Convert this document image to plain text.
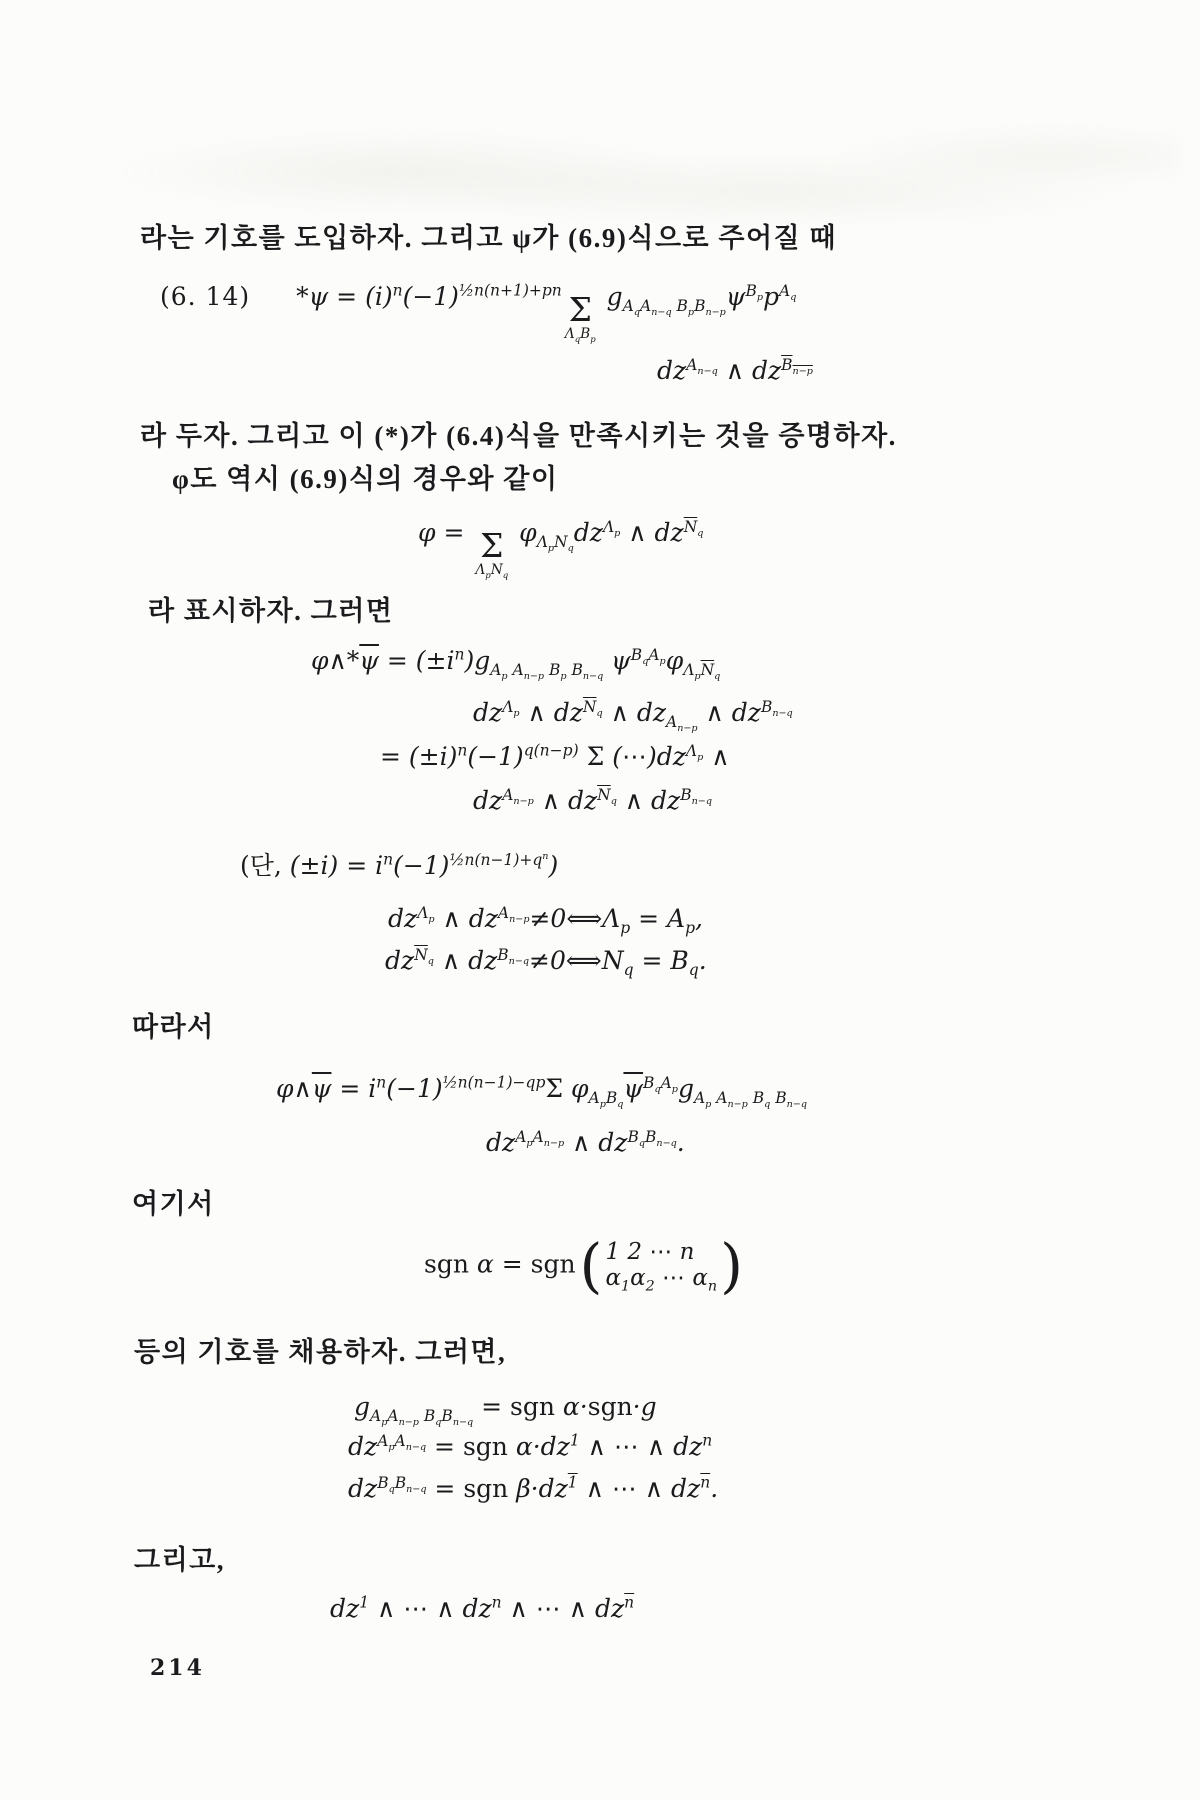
라는 기호를 도입하자. 그리고 ψ가 (6.9)식으로 주어질 때
(6. 14) $*\psi = (i)^n(-1)^{\frac{1}{2}n(n+1)+pn}$ Σ
$\Lambda_qB_p$
$g_{A_qA_{n-q} B_pB_{n-p}}\psi^{B_p}p^{A_q}$
$dz^{A_{n-q}}$ ∧ $dz^{B_{n-p}}$
라 두자. 그리고 이 (*)가 (6.4)식을 만족시키는 것을 증명하자.
φ도 역시 (6.9)식의 경우와 같이
φ = Σ
$\Lambda_pN_q$
$\varphi_{\Lambda_pN_q}dz^{\Lambda_p}$ ∧ $dz^{\overline{N}_q}$
라 표시하자. 그러면
$\varphi\wedge*\overline{\psi} = (\pm i^n)g_{A_p A_{n-p} B_p B_{n-q}}$ $\psi^{B_qA_p}\varphi_{\Lambda_p\overline{N}_q}$
$dz^{\Lambda_p}$ ∧ $dz^{\overline{N}_q}$ ∧ $dz_{A_{n-p}}$ ∧ $dz^{B_{n-q}}$
= $(\pm i)^n(-1)^{q(n-p)}$ Σ $(\cdots)dz^{\Lambda_p}$ ∧
$dz^{A_{n-p}}$ ∧ $dz^{\overline{N}_q}$ ∧ $dz^{B_{n-q}}$
(단, $(\pm i) = i^n(-1)^{\frac{1}{2}n(n-1)+q^n}$)
$dz^{\Lambda_p}$ ∧ $dz^{A_{n-p}}\ne 0⟺\Lambda_p = A_p$,
$dz^{\overline{N}_q}$ ∧ $dz^{B_{n-q}}\ne 0⟺N_q = B_q$.
따라서
$\varphi\wedge\overline{\psi} = i^n(-1)^{\frac{1}{2}n(n-1)-qp}\Sigma$ $\varphi_{A_pB_q}\overline{\psi}^{B_qA_p}g_{A_p A_{n-p} B_q B_{n-q}}$
$dz^{A_pA_{n-p}}$ ∧ $dz^{B_qB_{n-q}}$.
여기서
sgn α = sgn ( 1 2 ⋯ n
$\alpha_1\alpha_2$ ⋯ $\alpha_n$ )
등의 기호를 채용하자. 그러면,
$g_{A_pA_{n-p} B_qB_{n-q}}$ = sgn α·sgn·g
$dz^{A_pA_{n-q}}$ = sgn $\alpha\cdot dz^1$ ∧ ⋯ ∧ $dz^n$
$dz^{B_qB_{n-q}}$ = sgn $\beta\cdot dz^1$ ∧ ⋯ ∧ $dz^{\overline{n}}$.
그리고,
$dz^1$ ∧ ⋯ ∧ $dz^n$ ∧ ⋯ ∧ $dz^{\overline{n}}$
214
